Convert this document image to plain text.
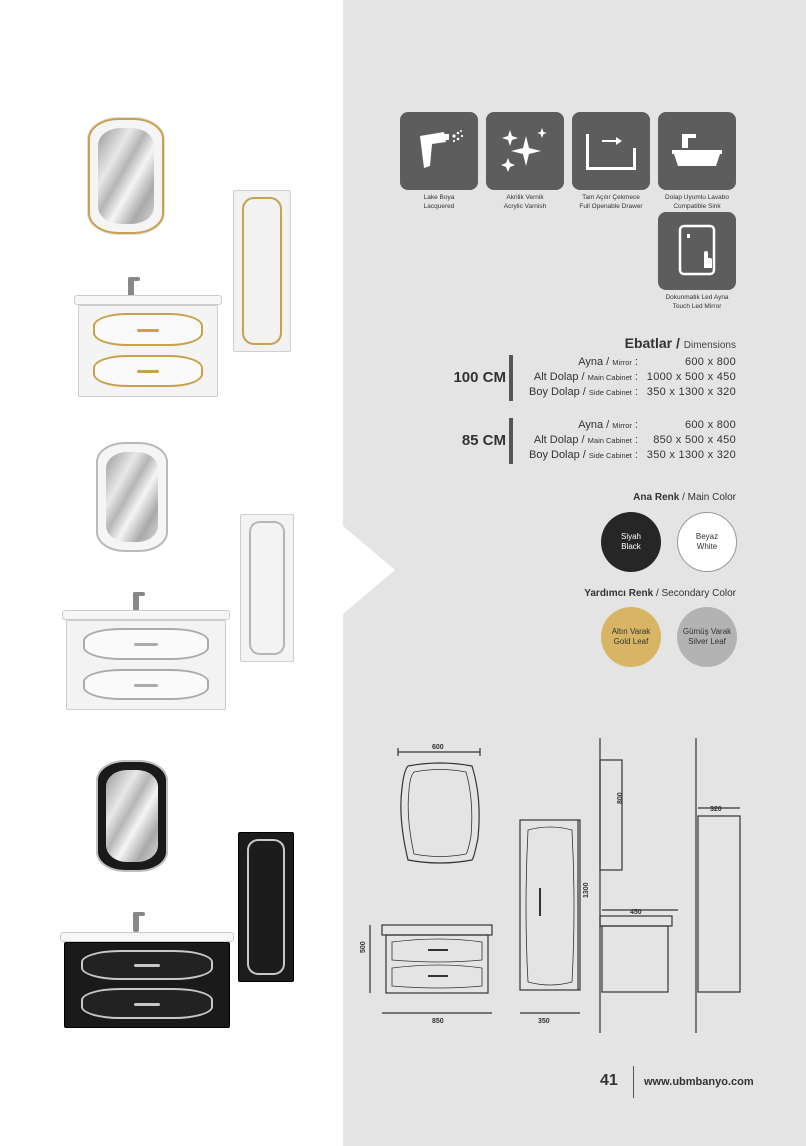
Lake Boya
Lacquered
Akrilik Vernik
Acrylic Varnish
Tam Açılır Çekmece
Full Openable Drawer
Dolap Uyumlu Lavabo
Compatible Sink
Dokunmatik Led Ayna
Touch Led Mirror
Ebatlar / Dimensions
100 CM
Ayna / Mirror :	600 x 800
Alt Dolap / Main Cabinet : 1000 x 500 x 450
Boy Dolap / Side Cabinet : 350 x 1300 x 320
85 CM
Ayna / Mirror :	600 x 800
Alt Dolap / Main Cabinet :	850 x 500 x 450
Boy Dolap / Side Cabinet : 350 x 1300 x 320
Ana Renk / Main Color
Siyah
Black
Beyaz
White
Yardımcı Renk / Secondary Color
Altın Varak
Gold Leaf
Gümüş Varak
Silver Leaf
600
800
1300
500
850	350
450
320
41 www.ubmbanyo.com
